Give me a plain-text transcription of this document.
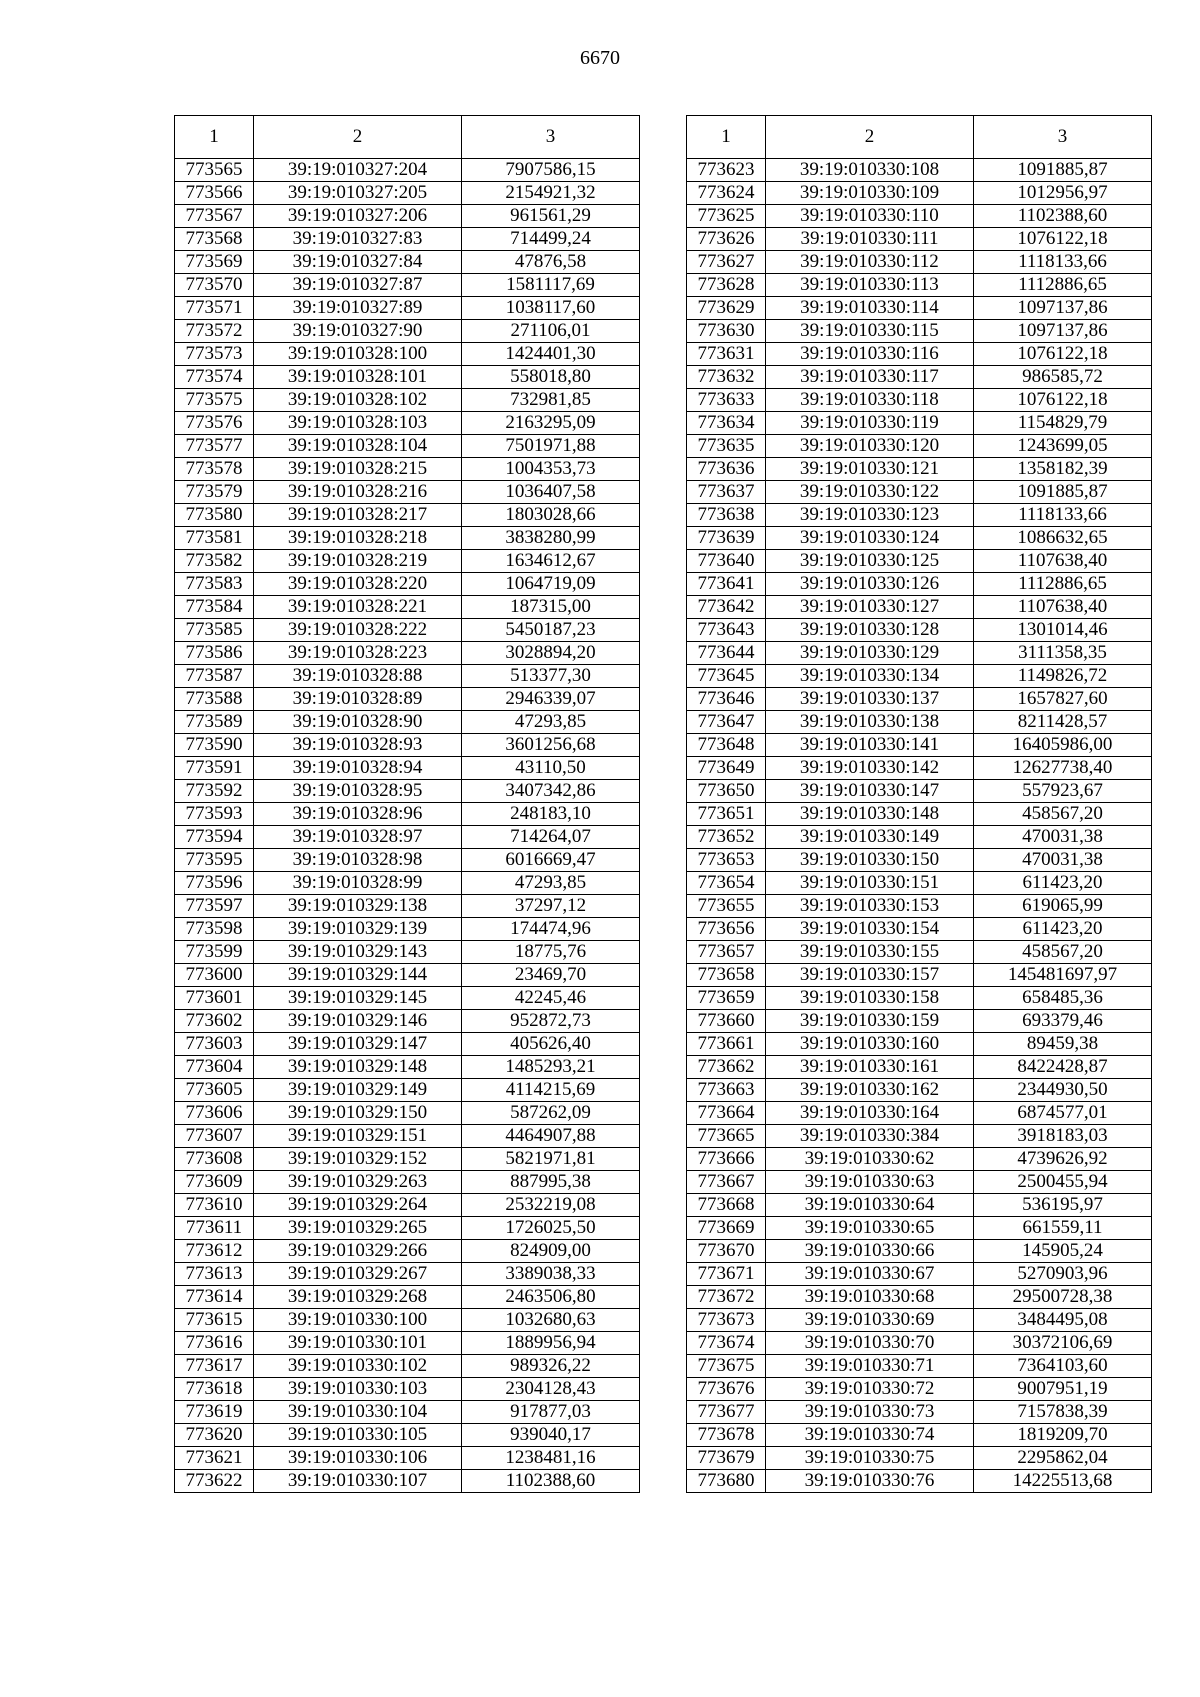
6670
1	2	3
773565	39:19:010327:204	7907586,15
773566	39:19:010327:205	2154921,32
773567	39:19:010327:206	961561,29
773568	39:19:010327:83	714499,24
773569	39:19:010327:84	47876,58
773570	39:19:010327:87	1581117,69
773571	39:19:010327:89	1038117,60
773572	39:19:010327:90	271106,01
773573	39:19:010328:100	1424401,30
773574	39:19:010328:101	558018,80
773575	39:19:010328:102	732981,85
773576	39:19:010328:103	2163295,09
773577	39:19:010328:104	7501971,88
773578	39:19:010328:215	1004353,73
773579	39:19:010328:216	1036407,58
773580	39:19:010328:217	1803028,66
773581	39:19:010328:218	3838280,99
773582	39:19:010328:219	1634612,67
773583	39:19:010328:220	1064719,09
773584	39:19:010328:221	187315,00
773585	39:19:010328:222	5450187,23
773586	39:19:010328:223	3028894,20
773587	39:19:010328:88	513377,30
773588	39:19:010328:89	2946339,07
773589	39:19:010328:90	47293,85
773590	39:19:010328:93	3601256,68
773591	39:19:010328:94	43110,50
773592	39:19:010328:95	3407342,86
773593	39:19:010328:96	248183,10
773594	39:19:010328:97	714264,07
773595	39:19:010328:98	6016669,47
773596	39:19:010328:99	47293,85
773597	39:19:010329:138	37297,12
773598	39:19:010329:139	174474,96
773599	39:19:010329:143	18775,76
773600	39:19:010329:144	23469,70
773601	39:19:010329:145	42245,46
773602	39:19:010329:146	952872,73
773603	39:19:010329:147	405626,40
773604	39:19:010329:148	1485293,21
773605	39:19:010329:149	4114215,69
773606	39:19:010329:150	587262,09
773607	39:19:010329:151	4464907,88
773608	39:19:010329:152	5821971,81
773609	39:19:010329:263	887995,38
773610	39:19:010329:264	2532219,08
773611	39:19:010329:265	1726025,50
773612	39:19:010329:266	824909,00
773613	39:19:010329:267	3389038,33
773614	39:19:010329:268	2463506,80
773615	39:19:010330:100	1032680,63
773616	39:19:010330:101	1889956,94
773617	39:19:010330:102	989326,22
773618	39:19:010330:103	2304128,43
773619	39:19:010330:104	917877,03
773620	39:19:010330:105	939040,17
773621	39:19:010330:106	1238481,16
773622	39:19:010330:107	1102388,60
1	2	3
773623	39:19:010330:108	1091885,87
773624	39:19:010330:109	1012956,97
773625	39:19:010330:110	1102388,60
773626	39:19:010330:111	1076122,18
773627	39:19:010330:112	1118133,66
773628	39:19:010330:113	1112886,65
773629	39:19:010330:114	1097137,86
773630	39:19:010330:115	1097137,86
773631	39:19:010330:116	1076122,18
773632	39:19:010330:117	986585,72
773633	39:19:010330:118	1076122,18
773634	39:19:010330:119	1154829,79
773635	39:19:010330:120	1243699,05
773636	39:19:010330:121	1358182,39
773637	39:19:010330:122	1091885,87
773638	39:19:010330:123	1118133,66
773639	39:19:010330:124	1086632,65
773640	39:19:010330:125	1107638,40
773641	39:19:010330:126	1112886,65
773642	39:19:010330:127	1107638,40
773643	39:19:010330:128	1301014,46
773644	39:19:010330:129	3111358,35
773645	39:19:010330:134	1149826,72
773646	39:19:010330:137	1657827,60
773647	39:19:010330:138	8211428,57
773648	39:19:010330:141	16405986,00
773649	39:19:010330:142	12627738,40
773650	39:19:010330:147	557923,67
773651	39:19:010330:148	458567,20
773652	39:19:010330:149	470031,38
773653	39:19:010330:150	470031,38
773654	39:19:010330:151	611423,20
773655	39:19:010330:153	619065,99
773656	39:19:010330:154	611423,20
773657	39:19:010330:155	458567,20
773658	39:19:010330:157	145481697,97
773659	39:19:010330:158	658485,36
773660	39:19:010330:159	693379,46
773661	39:19:010330:160	89459,38
773662	39:19:010330:161	8422428,87
773663	39:19:010330:162	2344930,50
773664	39:19:010330:164	6874577,01
773665	39:19:010330:384	3918183,03
773666	39:19:010330:62	4739626,92
773667	39:19:010330:63	2500455,94
773668	39:19:010330:64	536195,97
773669	39:19:010330:65	661559,11
773670	39:19:010330:66	145905,24
773671	39:19:010330:67	5270903,96
773672	39:19:010330:68	29500728,38
773673	39:19:010330:69	3484495,08
773674	39:19:010330:70	30372106,69
773675	39:19:010330:71	7364103,60
773676	39:19:010330:72	9007951,19
773677	39:19:010330:73	7157838,39
773678	39:19:010330:74	1819209,70
773679	39:19:010330:75	2295862,04
773680	39:19:010330:76	14225513,68
